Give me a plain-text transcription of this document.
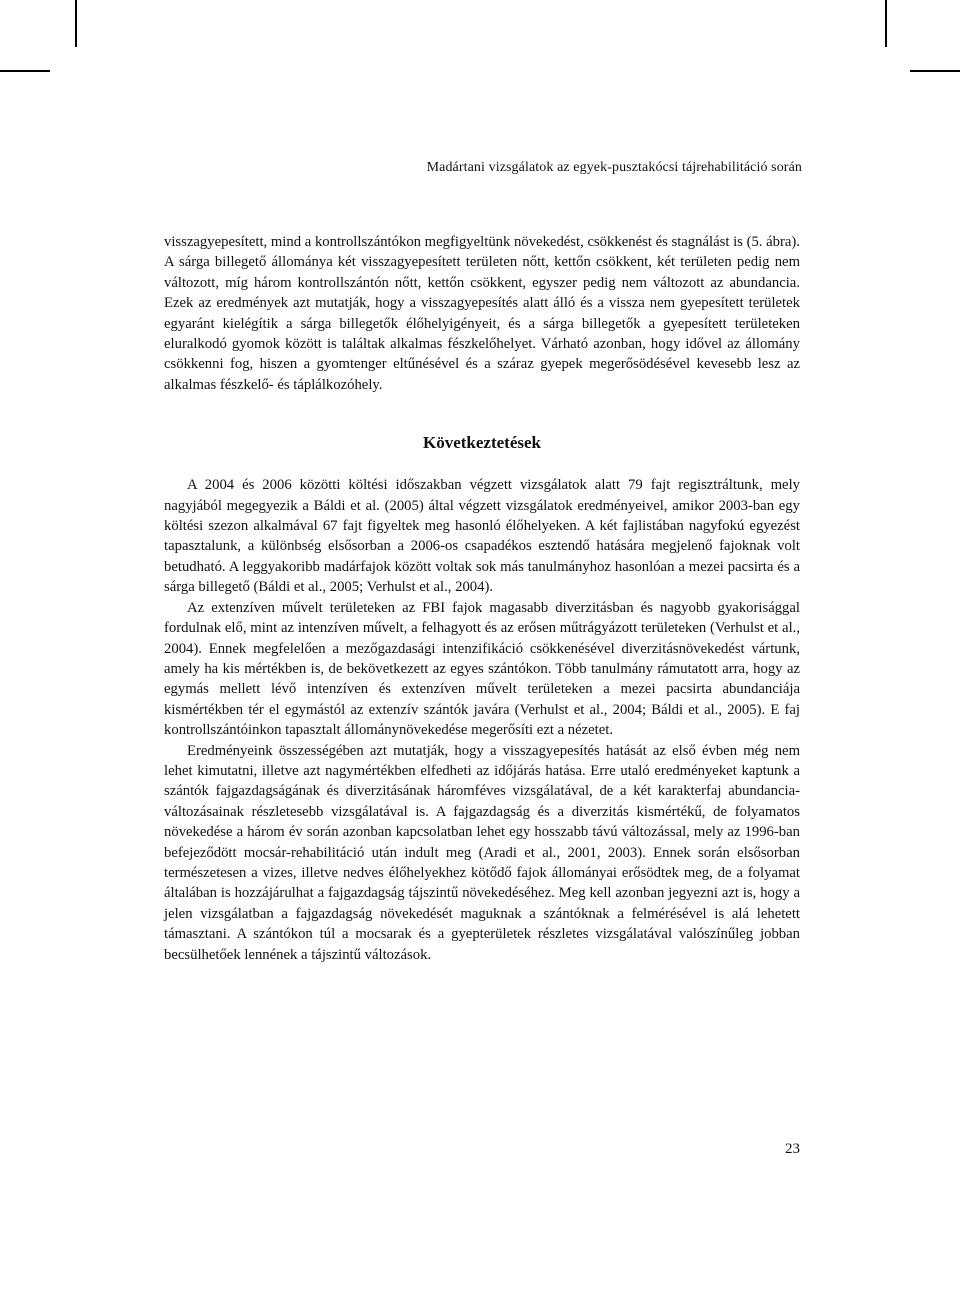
Madártani vizsgálatok az egyek-pusztakócsi tájrehabilitáció során

visszagyepesített, mind a kontrollszántókon megfigyeltünk növekedést, csökkenést és stagnálást is (5. ábra). A sárga billegető állománya két visszagyepesített területen nőtt, kettőn csökkent, két területen pedig nem változott, míg három kontrollszántón nőtt, kettőn csökkent, egyszer pedig nem változott az abundancia. Ezek az eredmények azt mutatják, hogy a visszagyepesítés alatt álló és a vissza nem gyepesített területek egyaránt kielégítik a sárga billegetők élőhelyigényeit, és a sárga billegetők a gyepesített területeken eluralkodó gyomok között is találtak alkalmas fészkelőhelyet. Várható azonban, hogy idővel az állomány csökkenni fog, hiszen a gyomtenger eltűnésével és a száraz gyepek megerősödésével kevesebb lesz az alkalmas fészkelő- és táplálkozóhely.

Következtetések

A 2004 és 2006 közötti költési időszakban végzett vizsgálatok alatt 79 fajt regisztráltunk, mely nagyjából megegyezik a Báldi et al. (2005) által végzett vizsgálatok eredményeivel, amikor 2003-ban egy költési szezon alkalmával 67 fajt figyeltek meg hasonló élőhelyeken. A két fajlistában nagyfokú egyezést tapasztalunk, a különbség elsősorban a 2006-os csapadékos esztendő hatására megjelenő fajoknak volt betudható. A leggyakoribb madárfajok között voltak sok más tanulmányhoz hasonlóan a mezei pacsirta és a sárga billegető (Báldi et al., 2005; Verhulst et al., 2004).

Az extenzíven művelt területeken az FBI fajok magasabb diverzitásban és nagyobb gyakorisággal fordulnak elő, mint az intenzíven művelt, a felhagyott és az erősen műtrágyázott területeken (Verhulst et al., 2004). Ennek megfelelően a mezőgazdasági intenzifikáció csökkenésével diverzitásnövekedést vártunk, amely ha kis mértékben is, de bekövetkezett az egyes szántókon. Több tanulmány rámutatott arra, hogy az egymás mellett lévő intenzíven és extenzíven művelt területeken a mezei pacsirta abundanciája kismértékben tér el egymástól az extenzív szántók javára (Verhulst et al., 2004; Báldi et al., 2005). E faj kontrollszántóinkon tapasztalt állománynövekedése megerősíti ezt a nézetet.

Eredményeink összességében azt mutatják, hogy a visszagyepesítés hatását az első évben még nem lehet kimutatni, illetve azt nagymértékben elfedheti az időjárás hatása. Erre utaló eredményeket kaptunk a szántók fajgazdagságának és diverzitásának háromféves vizsgálatával, de a két karakterfaj abundancia-változásainak részletesebb vizsgálatával is. A fajgazdagság és a diverzitás kismértékű, de folyamatos növekedése a három év során azonban kapcsolatban lehet egy hosszabb távú változással, mely az 1996-ban befejeződött mocsár-rehabilitáció után indult meg (Aradi et al., 2001, 2003). Ennek során elsősorban természetesen a vizes, illetve nedves élőhelyekhez kötődő fajok állományai erősödtek meg, de a folyamat általában is hozzájárulhat a fajgazdagság tájszintű növekedéséhez. Meg kell azonban jegyezni azt is, hogy a jelen vizsgálatban a fajgazdagság növekedését maguknak a szántóknak a felmérésével is alá lehetett támasztani. A szántókon túl a mocsarak és a gyepterületek részletes vizsgálatával valószínűleg jobban becsülhetőek lennének a tájszintű változások.

23
